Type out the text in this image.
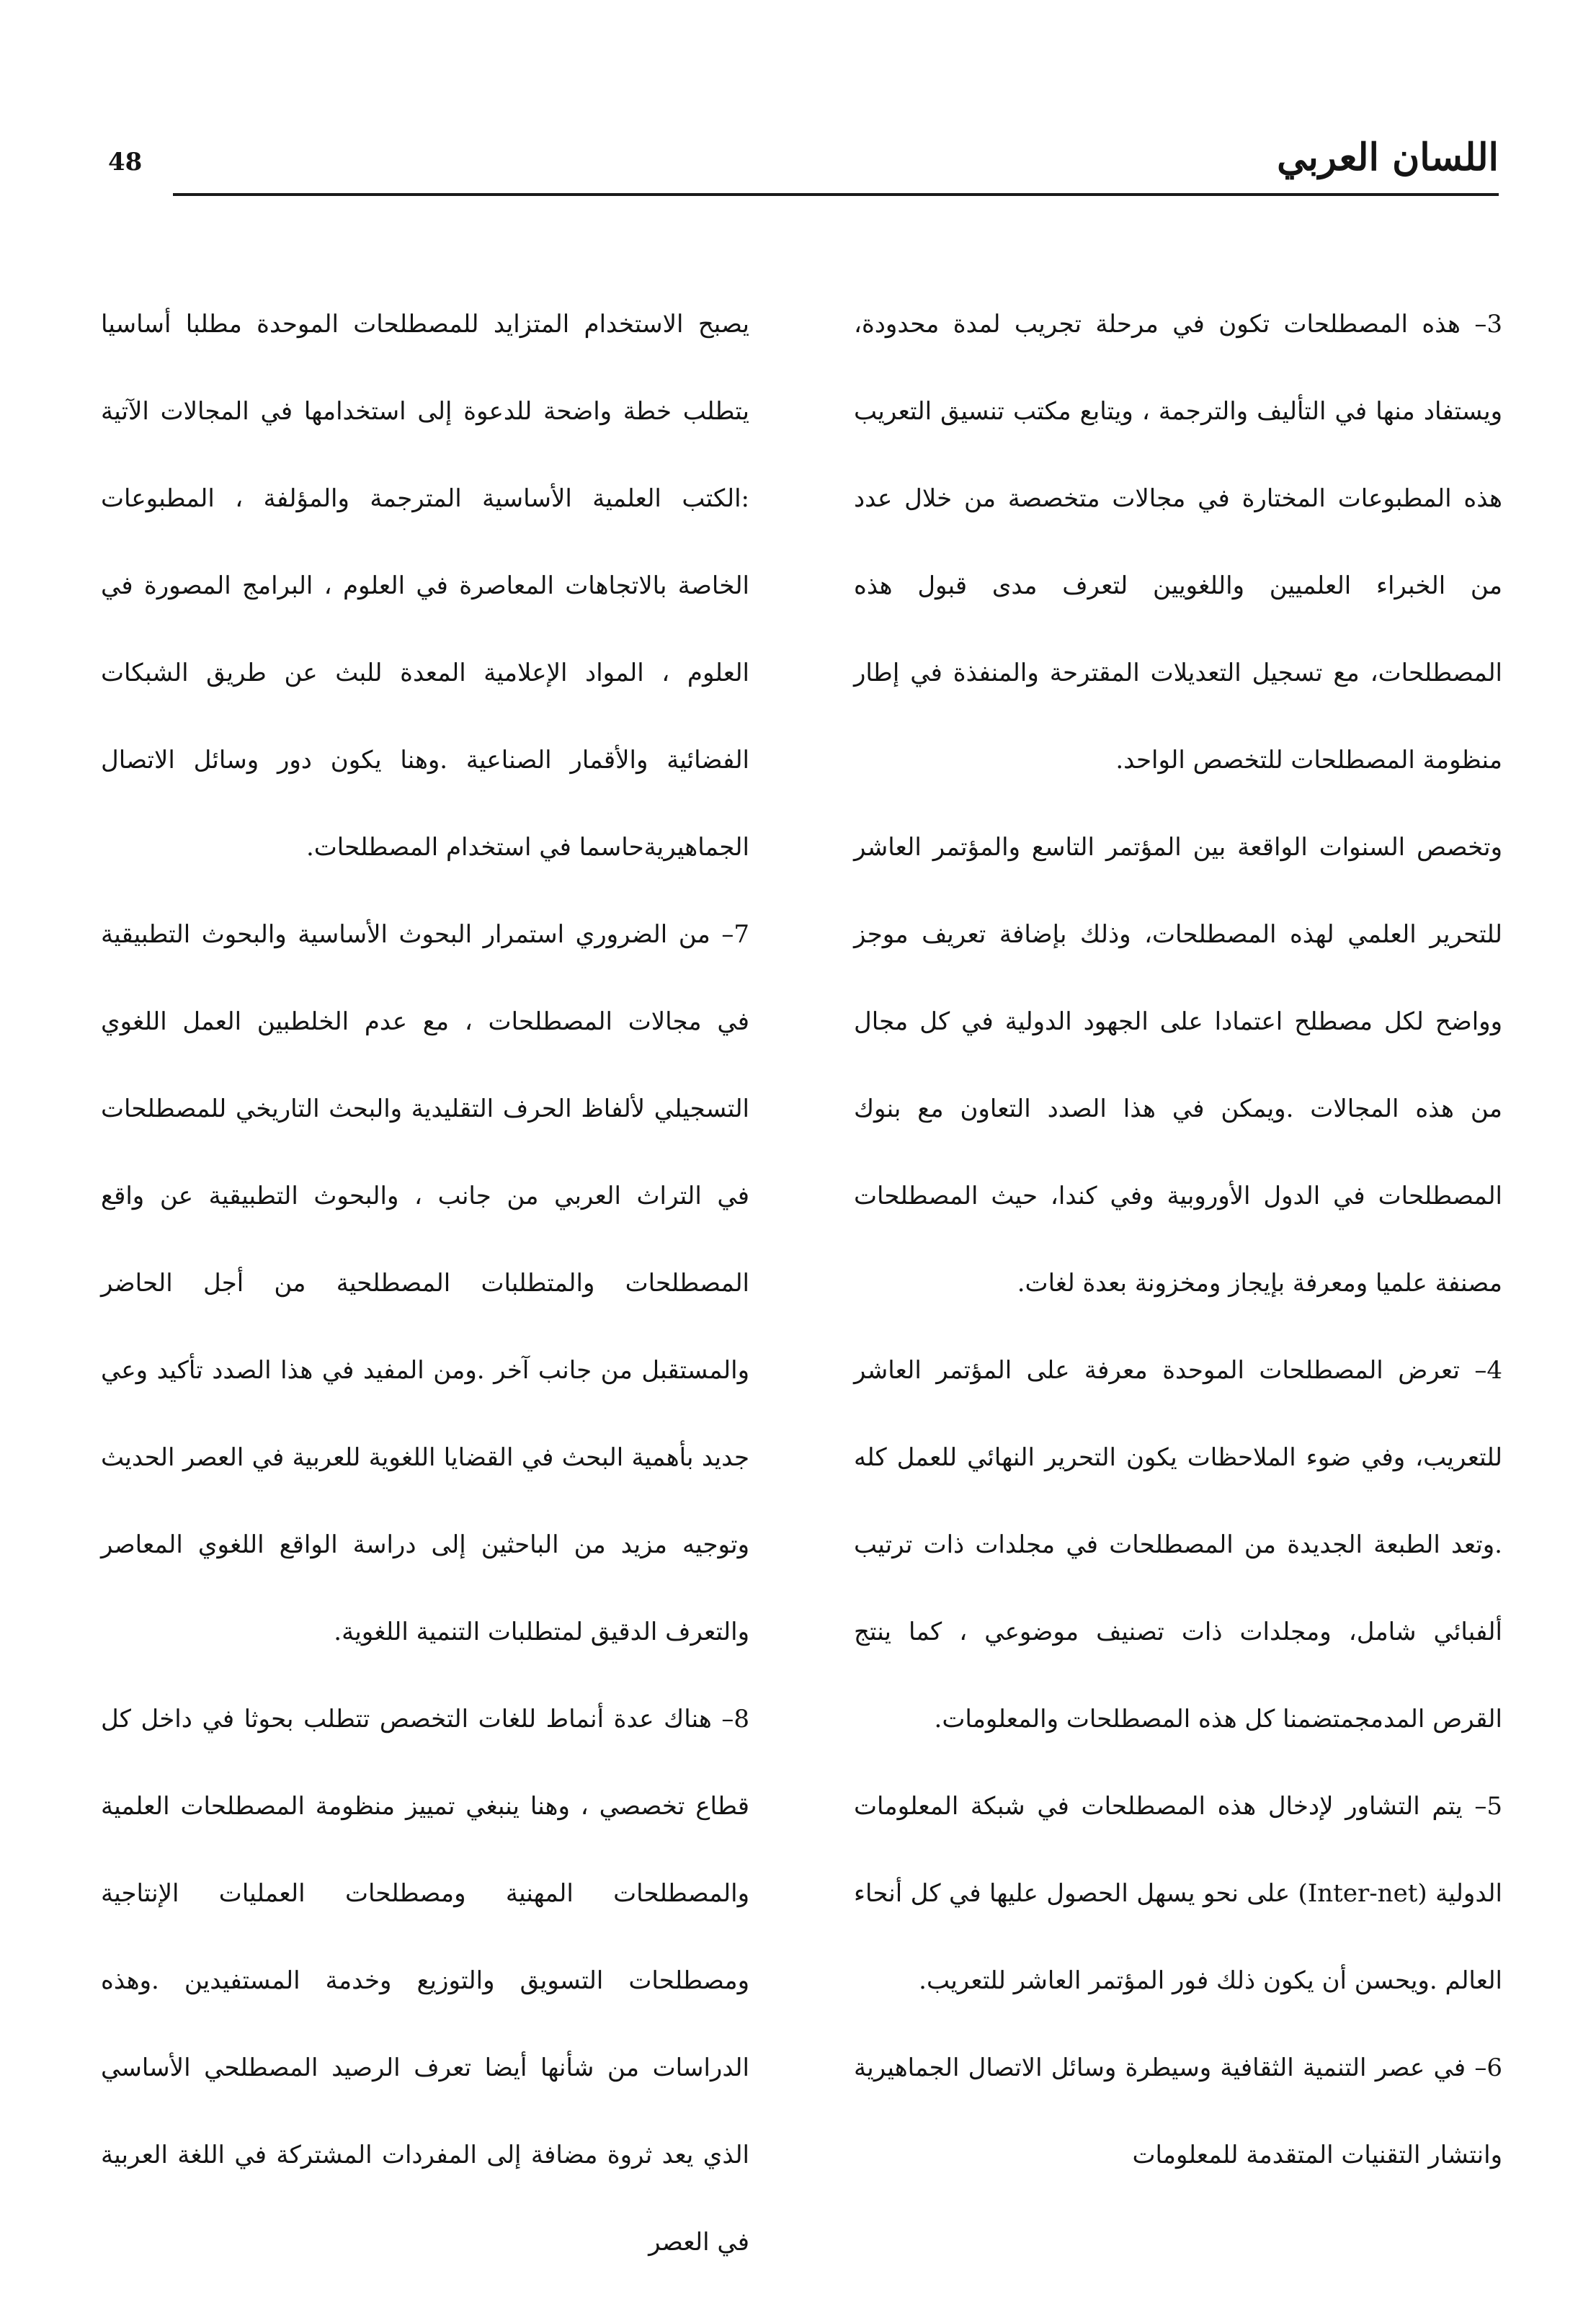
48	اللسان العربي

3– هذه المصطلحات تكون في مرحلة تجريب لمدة محدودة، ويستفاد منها في التأليف والترجمة ، ويتابع مكتب تنسيق التعريب هذه المطبوعات المختارة في مجالات متخصصة من خلال عدد من الخبراء العلميين واللغويين لتعرف مدى قبول هذه المصطلحات، مع تسجيل التعديلات المقترحة والمنفذة في إطار منظومة المصطلحات للتخصص الواحد.

وتخصص السنوات الواقعة بين المؤتمر التاسع والمؤتمر العاشر للتحرير العلمي لهذه المصطلحات، وذلك بإضافة تعريف موجز وواضح لكل مصطلح اعتمادا على الجهود الدولية في كل مجال من هذه المجالات .ويمكن في هذا الصدد التعاون مع بنوك المصطلحات في الدول الأوروبية وفي كندا، حيث المصطلحات مصنفة علميا ومعرفة بإيجاز ومخزونة بعدة لغات.

4– تعرض المصطلحات الموحدة معرفة على المؤتمر العاشر للتعريب، وفي ضوء الملاحظات يكون التحرير النهائي للعمل كله .وتعد الطبعة الجديدة من المصطلحات في مجلدات ذات ترتيب ألفبائي شامل، ومجلدات ذات تصنيف موضوعي ، كما ينتج القرص المدمجمتضمنا كل هذه المصطلحات والمعلومات.

5– يتم التشاور لإدخال هذه المصطلحات في شبكة المعلومات الدولية (Inter-net) على نحو يسهل الحصول عليها في كل أنحاء العالم .ويحسن أن يكون ذلك فور المؤتمر العاشر للتعريب.

6– في عصر التنمية الثقافية وسيطرة وسائل الاتصال الجماهيرية وانتشار التقنيات المتقدمة للمعلومات

يصبح الاستخدام المتزايد للمصطلحات الموحدة مطلبا أساسيا يتطلب خطة واضحة للدعوة إلى استخدامها في المجالات الآتية :الكتب العلمية الأساسية المترجمة والمؤلفة ، المطبوعات الخاصة بالاتجاهات المعاصرة في العلوم ، البرامج المصورة في العلوم ، المواد الإعلامية المعدة للبث عن طريق الشبكات الفضائية والأقمار الصناعية .وهنا يكون دور وسائل الاتصال الجماهيريةحاسما في استخدام المصطلحات.

7– من الضروري استمرار البحوث الأساسية والبحوث التطبيقية في مجالات المصطلحات ، مع عدم الخلطبين العمل اللغوي التسجيلي لألفاظ الحرف التقليدية والبحث التاريخي للمصطلحات في التراث العربي من جانب ، والبحوث التطبيقية عن واقع المصطلحات والمتطلبات المصطلحية من أجل الحاضر والمستقبل من جانب آخر .ومن المفيد في هذا الصدد تأكيد وعي جديد بأهمية البحث في القضايا اللغوية للعربية في العصر الحديث وتوجيه مزيد من الباحثين إلى دراسة الواقع اللغوي المعاصر والتعرف الدقيق لمتطلبات التنمية اللغوية.

8– هناك عدة أنماط للغات التخصص تتطلب بحوثا في داخل كل قطاع تخصصي ، وهنا ينبغي تمييز منظومة المصطلحات العلمية والمصطلحات المهنية ومصطلحات العمليات الإنتاجية ومصطلحات التسويق والتوزيع وخدمة المستفيدين .وهذه الدراسات من شأنها أيضا تعرف الرصيد المصطلحي الأساسي الذي يعد ثروة مضافة إلى المفردات المشتركة في اللغة العربية في العصر
